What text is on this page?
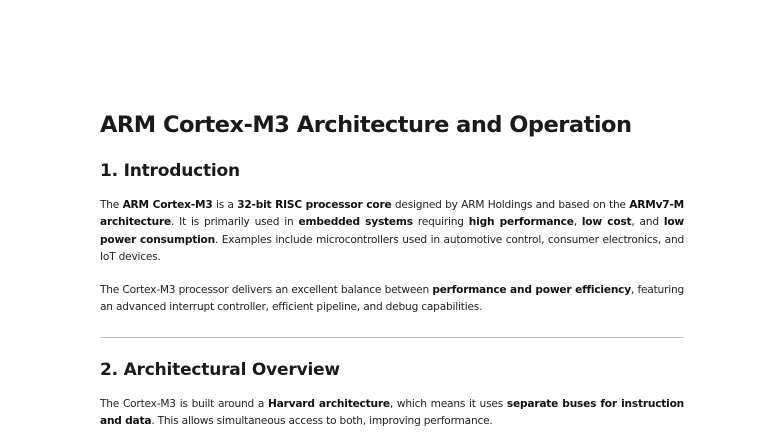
ARM Cortex-M3 Architecture and Operation
1. Introduction

The ARM Cortex-M3 is a 32-bit RISC processor core designed by ARM Holdings and based on the ARMv7-M architecture. It is primarily used in embedded systems requiring high performance, low cost, and low power consumption. Examples include microcontrollers used in automotive control, consumer electronics, and IoT devices.

The Cortex-M3 processor delivers an excellent balance between performance and power efficiency, featuring an advanced interrupt controller, efficient pipeline, and debug capabilities.

2. Architectural Overview

The Cortex-M3 is built around a Harvard architecture, which means it uses separate buses for instruction and data. This allows simultaneous access to both, improving performance.
